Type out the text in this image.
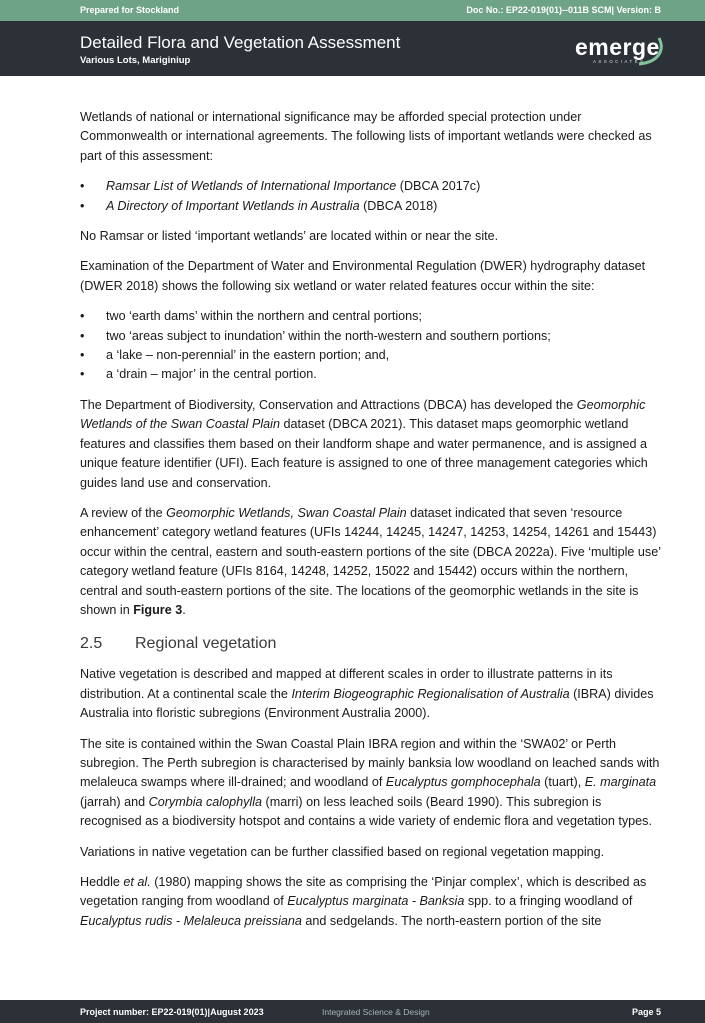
Prepared for Stockland	Doc No.: EP22-019(01)--011B SCM| Version: B
Detailed Flora and Vegetation Assessment
Various Lots, Mariginiup
emerge
ASSOCIATES

Wetlands of national or international significance may be afforded special protection under Commonwealth or international agreements. The following lists of important wetlands were checked as part of this assessment:

• Ramsar List of Wetlands of International Importance (DBCA 2017c)
• A Directory of Important Wetlands in Australia (DBCA 2018)

No Ramsar or listed ‘important wetlands’ are located within or near the site.

Examination of the Department of Water and Environmental Regulation (DWER) hydrography dataset (DWER 2018) shows the following six wetland or water related features occur within the site:

• two ‘earth dams’ within the northern and central portions;
• two ‘areas subject to inundation’ within the north-western and southern portions;
• a ‘lake – non-perennial’ in the eastern portion; and,
• a ‘drain – major’ in the central portion.

The Department of Biodiversity, Conservation and Attractions (DBCA) has developed the Geomorphic Wetlands of the Swan Coastal Plain dataset (DBCA 2021). This dataset maps geomorphic wetland features and classifies them based on their landform shape and water permanence, and is assigned a unique feature identifier (UFI). Each feature is assigned to one of three management categories which guides land use and conservation.

A review of the Geomorphic Wetlands, Swan Coastal Plain dataset indicated that seven ‘resource enhancement’ category wetland features (UFIs 14244, 14245, 14247, 14253, 14254, 14261 and 15443) occur within the central, eastern and south-eastern portions of the site (DBCA 2022a). Five ‘multiple use’ category wetland feature (UFIs 8164, 14248, 14252, 15022 and 15442) occurs within the northern, central and south-eastern portions of the site. The locations of the geomorphic wetlands in the site is shown in Figure 3.

2.5 Regional vegetation

Native vegetation is described and mapped at different scales in order to illustrate patterns in its distribution. At a continental scale the Interim Biogeographic Regionalisation of Australia (IBRA) divides Australia into floristic subregions (Environment Australia 2000).

The site is contained within the Swan Coastal Plain IBRA region and within the ‘SWA02’ or Perth subregion. The Perth subregion is characterised by mainly banksia low woodland on leached sands with melaleuca swamps where ill-drained; and woodland of Eucalyptus gomphocephala (tuart), E. marginata (jarrah) and Corymbia calophylla (marri) on less leached soils (Beard 1990). This subregion is recognised as a biodiversity hotspot and contains a wide variety of endemic flora and vegetation types.

Variations in native vegetation can be further classified based on regional vegetation mapping.

Heddle et al. (1980) mapping shows the site as comprising the ‘Pinjar complex’, which is described as vegetation ranging from woodland of Eucalyptus marginata - Banksia spp. to a fringing woodland of Eucalyptus rudis - Melaleuca preissiana and sedgelands. The north-eastern portion of the site

Project number: EP22-019(01)|August 2023	Integrated Science & Design	Page 5
